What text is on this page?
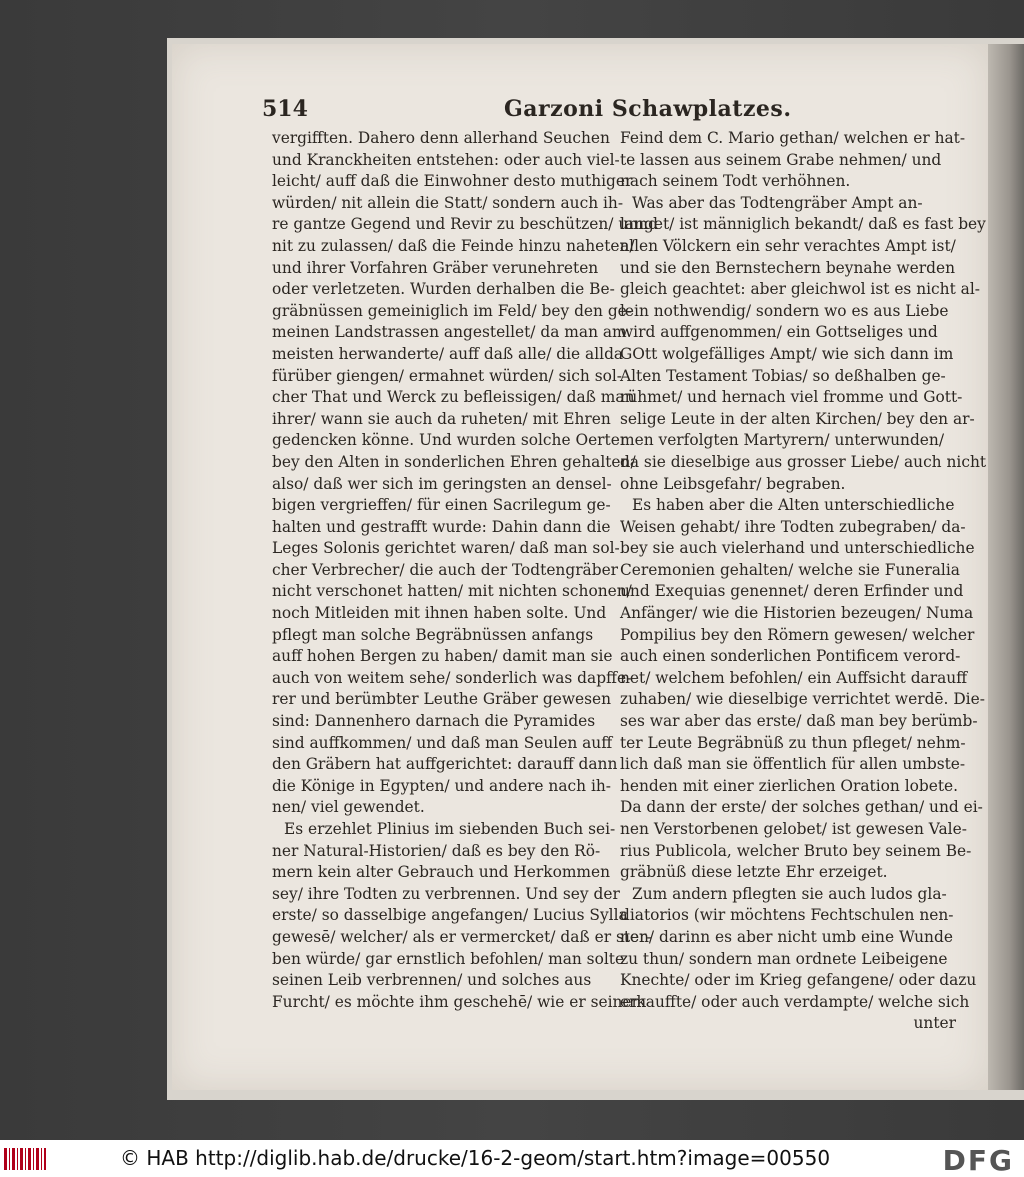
514	Garzoni Schawplatzes.
vergifften. Dahero denn allerhand Seuchen
und Kranckheiten entstehen: oder auch viel-
leicht/ auff daß die Einwohner desto muthiger
würden/ nit allein die Statt/ sondern auch ih-
re gantze Gegend und Revir zu beschützen/ unnd
nit zu zulassen/ daß die Feinde hinzu naheten/
und ihrer Vorfahren Gräber verunehreten
oder verletzeten. Wurden derhalben die Be-
gräbnüssen gemeiniglich im Feld/ bey den ge-
meinen Landstrassen angestellet/ da man am
meisten herwanderte/ auff daß alle/ die allda
fürüber giengen/ ermahnet würden/ sich sol-
cher That und Werck zu befleissigen/ daß man
ihrer/ wann sie auch da ruheten/ mit Ehren
gedencken könne. Und wurden solche Oerter
bey den Alten in sonderlichen Ehren gehalten/
also/ daß wer sich im geringsten an densel-
bigen vergrieffen/ für einen Sacrilegum ge-
halten und gestrafft wurde: Dahin dann die
Leges Solonis gerichtet waren/ daß man sol-
cher Verbrecher/ die auch der Todtengräber
nicht verschonet hatten/ mit nichten schonen/
noch Mitleiden mit ihnen haben solte. Und
pflegt man solche Begräbnüssen anfangs
auff hohen Bergen zu haben/ damit man sie
auch von weitem sehe/ sonderlich was dapffe-
rer und berümbter Leuthe Gräber gewesen
sind: Dannenhero darnach die Pyramides
sind auffkommen/ und daß man Seulen auff
den Gräbern hat auffgerichtet: darauff dann
die Könige in Egypten/ und andere nach ih-
nen/ viel gewendet.
Es erzehlet Plinius im siebenden Buch sei-
ner Natural-Historien/ daß es bey den Rö-
mern kein alter Gebrauch und Herkommen
sey/ ihre Todten zu verbrennen. Und sey der
erste/ so dasselbige angefangen/ Lucius Sylla
gewesē/ welcher/ als er vermercket/ daß er ster-
ben würde/ gar ernstlich befohlen/ man solte
seinen Leib verbrennen/ und solches aus
Furcht/ es möchte ihm geschehē/ wie er seinem
Feind dem C. Mario gethan/ welchen er hat-
te lassen aus seinem Grabe nehmen/ und
nach seinem Todt verhöhnen.
Was aber das Todtengräber Ampt an-
langet/ ist männiglich bekandt/ daß es fast bey
allen Völckern ein sehr verachtes Ampt ist/
und sie den Bernstechern beynahe werden
gleich geachtet: aber gleichwol ist es nicht al-
lein nothwendig/ sondern wo es aus Liebe
wird auffgenommen/ ein Gottseliges und
GOtt wolgefälliges Ampt/ wie sich dann im
Alten Testament Tobias/ so deßhalben ge-
rühmet/ und hernach viel fromme und Gott-
selige Leute in der alten Kirchen/ bey den ar-
men verfolgten Martyrern/ unterwunden/
da sie dieselbige aus grosser Liebe/ auch nicht
ohne Leibsgefahr/ begraben.
Es haben aber die Alten unterschiedliche
Weisen gehabt/ ihre Todten zubegraben/ da-
bey sie auch vielerhand und unterschiedliche
Ceremonien gehalten/ welche sie Funeralia
und Exequias genennet/ deren Erfinder und
Anfänger/ wie die Historien bezeugen/ Numa
Pompilius bey den Römern gewesen/ welcher
auch einen sonderlichen Pontificem verord-
net/ welchem befohlen/ ein Auffsicht darauff
zuhaben/ wie dieselbige verrichtet werdē. Die-
ses war aber das erste/ daß man bey berümb-
ter Leute Begräbnüß zu thun pfleget/ nehm-
lich daß man sie öffentlich für allen umbste-
henden mit einer zierlichen Oration lobete.
Da dann der erste/ der solches gethan/ und ei-
nen Verstorbenen gelobet/ ist gewesen Vale-
rius Publicola, welcher Bruto bey seinem Be-
gräbnüß diese letzte Ehr erzeiget.
Zum andern pflegten sie auch ludos gla-
diatorios (wir möchtens Fechtschulen nen-
nen/ darinn es aber nicht umb eine Wunde
zu thun/ sondern man ordnete Leibeigene
Knechte/ oder im Krieg gefangene/ oder dazu
erkauffte/ oder auch verdampte/ welche sich
unter
© HAB http://diglib.hab.de/drucke/16-2-geom/start.htm?image=00550	DFG
